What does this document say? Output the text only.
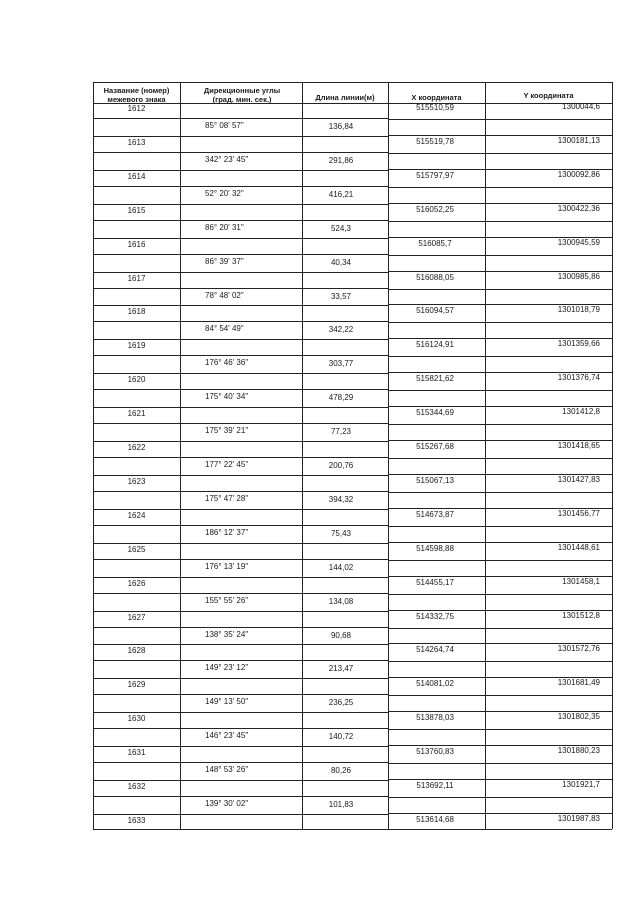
Название (номер)
межевого знака
Дирекционные углы
(град. мин. сек.)	Длина линии(м)	X координата	Y координата
1612	515510,59	1300044,6
1613	515519,78	1300181,13
1614	515797,97	1300092,86
1615	516052,25	1300422,36
1616	516085,7	1300945,59
1617	516088,05	1300985,86
1618	516094,57	1301018,79
1619	516124,91	1301359,66
1620	515821,62	1301376,74
1621	515344,69	1301412,8
1622	515267,68	1301418,65
1623	515067,13	1301427,83
1624	514673,87	1301456,77
1625	514598,88	1301448,61
1626	514455,17	1301458,1
1627	514332,75	1301512,8
1628	514264,74	1301572,76
1629	514081,02	1301681,49
1630	513878,03	1301802,35
1631	513760,83	1301880,23
1632	513692,11	1301921,7
1633	513614,68	1301987,83
85° 08' 57"	136,84
342° 23' 45"	291,86
52° 20' 32"	416,21
86° 20' 31"	524,3
86° 39' 37"	40,34
78° 48' 02"	33,57
84° 54' 49"	342,22
176° 46' 36"	303,77
175° 40' 34"	478,29
175° 39' 21"	77,23
177° 22' 45"	200,76
175° 47' 28"	394,32
186° 12' 37"	75,43
176° 13' 19"	144,02
155° 55' 26"	134,08
138° 35' 24"	90,68
149° 23' 12"	213,47
149° 13' 50"	236,25
146° 23' 45"	140,72
148° 53' 26"	80,26
139° 30' 02"	101,83
